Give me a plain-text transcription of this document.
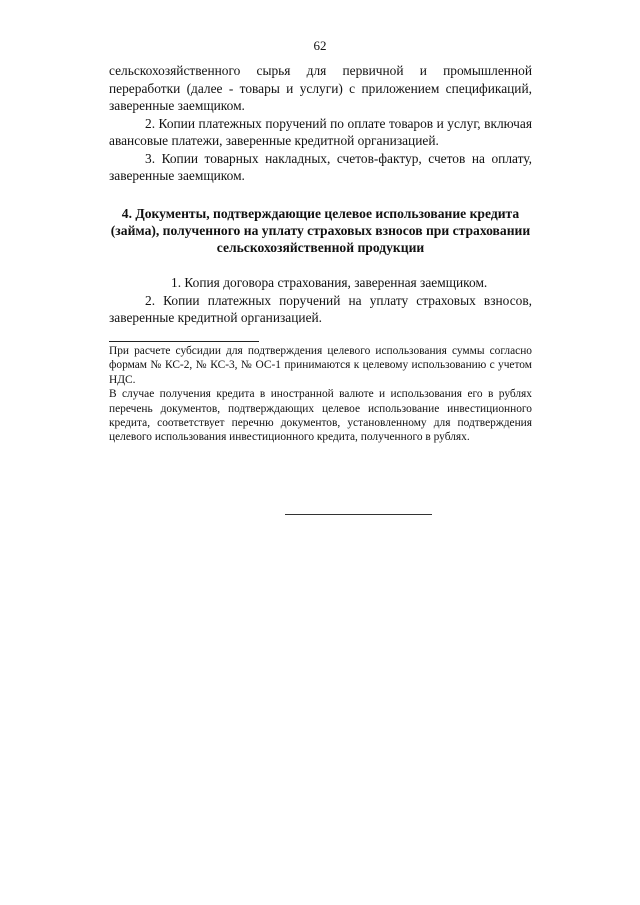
62

сельскохозяйственного сырья для первичной и промышленной переработки (далее - товары и услуги) с приложением спецификаций, заверенные заемщиком.

2. Копии платежных поручений по оплате товаров и услуг, включая авансовые платежи, заверенные кредитной организацией.

3. Копии товарных накладных, счетов-фактур, счетов на оплату, заверенные заемщиком.

4. Документы, подтверждающие целевое использование кредита
(займа), полученного на уплату страховых взносов при страховании
сельскохозяйственной продукции

1. Копия договора страхования, заверенная заемщиком.

2. Копии платежных поручений на уплату страховых взносов, заверенные кредитной организацией.

При расчете субсидии для подтверждения целевого использования суммы согласно формам № КС-2, № КС-3, № ОС-1 принимаются к целевому использованию с учетом НДС.

В случае получения кредита в иностранной валюте и использования его в рублях перечень документов, подтверждающих целевое использование инвестиционного кредита, соответствует перечню документов, установленному для подтверждения целевого использования инвестиционного кредита, полученного в рублях.
